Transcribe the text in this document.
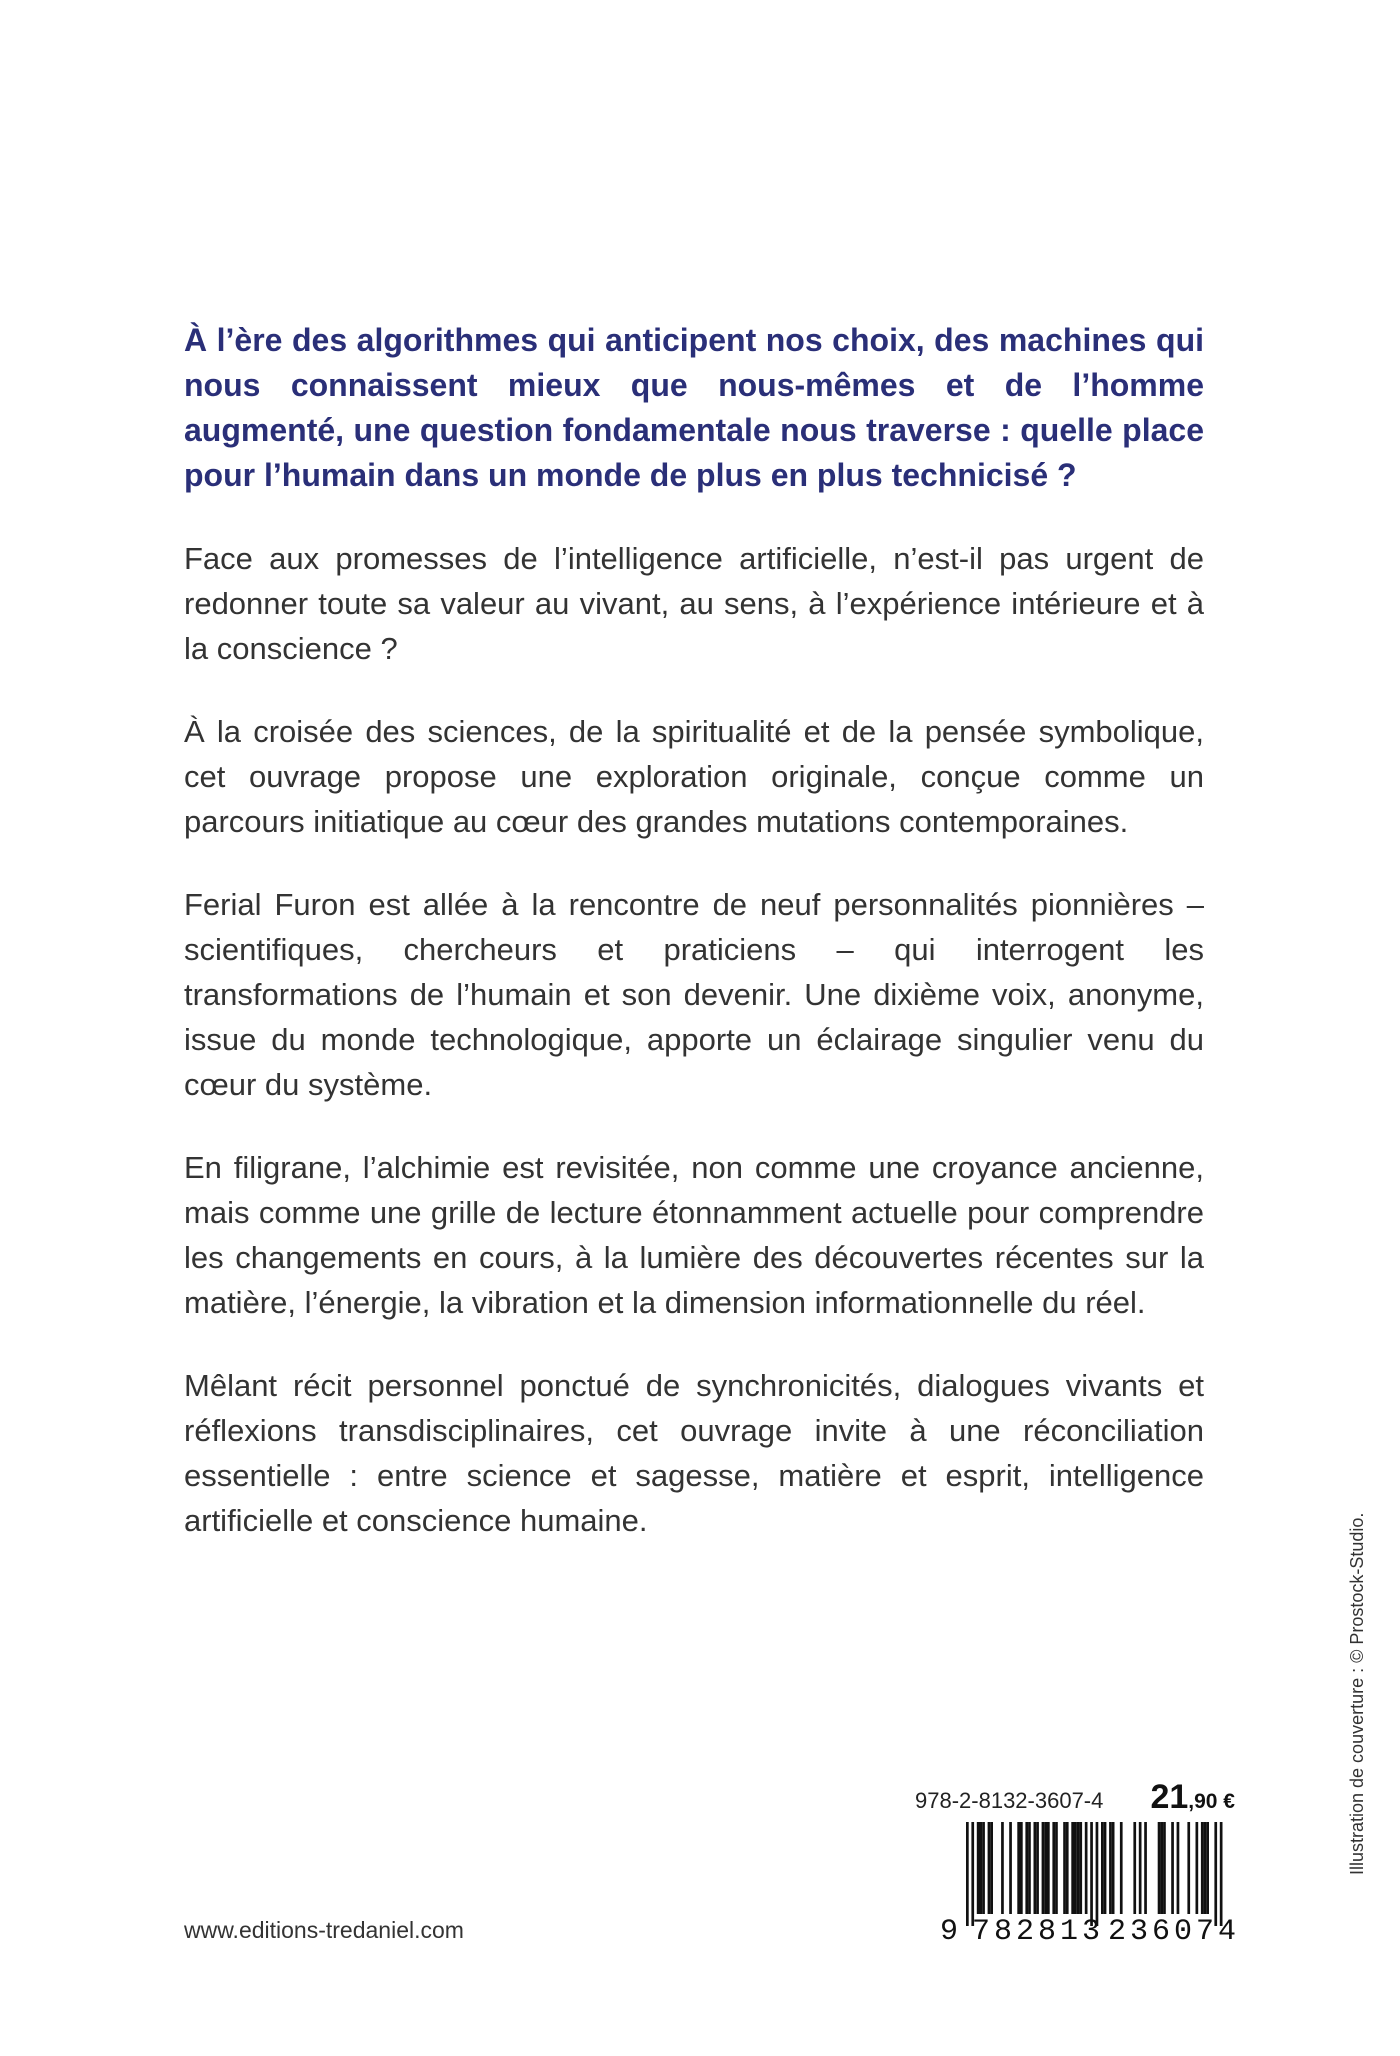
À l’ère des algorithmes qui anticipent nos choix, des machines qui nous connaissent mieux que nous-mêmes et de l’homme augmenté, une question fondamentale nous traverse : quelle place pour l’humain dans un monde de plus en plus technicisé ?

Face aux promesses de l’intelligence artificielle, n’est-il pas urgent de redonner toute sa valeur au vivant, au sens, à l’expérience intérieure et à la conscience ?

À la croisée des sciences, de la spiritualité et de la pensée symbolique, cet ouvrage propose une exploration originale, conçue comme un parcours initiatique au cœur des grandes mutations contemporaines.

Ferial Furon est allée à la rencontre de neuf personnalités pionnières – scientifiques, chercheurs et praticiens – qui interrogent les transformations de l’humain et son devenir. Une dixième voix, anonyme, issue du monde technologique, apporte un éclairage singulier venu du cœur du système.

En filigrane, l’alchimie est revisitée, non comme une croyance ancienne, mais comme une grille de lecture étonnamment actuelle pour comprendre les changements en cours, à la lumière des découvertes récentes sur la matière, l’énergie, la vibration et la dimension informationnelle du réel.

Mêlant récit personnel ponctué de synchronicités, dialogues vivants et réflexions transdisciplinaires, cet ouvrage invite à une réconciliation essentielle : entre science et sagesse, matière et esprit, intelligence artificielle et conscience humaine.	Illustration de couverture : © Prostock-Studio.
978-2-8132-3607-4 21,90 €
9 782813 236074
www.editions-tredaniel.com
